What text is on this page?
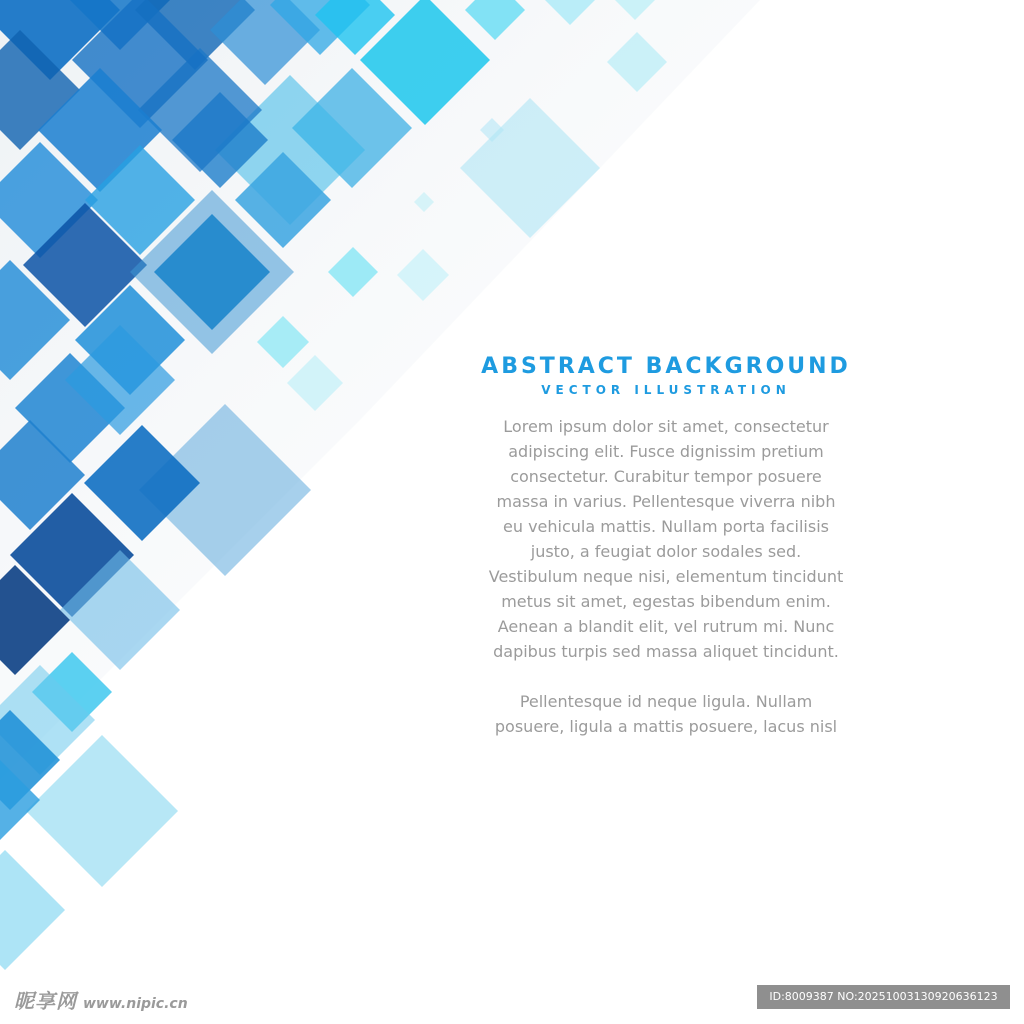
ABSTRACT BACKGROUND
VECTOR ILLUSTRATION

Lorem ipsum dolor sit amet, consectetur
adipiscing elit. Fusce dignissim pretium
consectetur. Curabitur tempor posuere
massa in varius. Pellentesque viverra nibh
eu vehicula mattis. Nullam porta facilisis
justo, a feugiat dolor sodales sed.
Vestibulum neque nisi, elementum tincidunt
metus sit amet, egestas bibendum enim.
Aenean a blandit elit, vel rutrum mi. Nunc
dapibus turpis sed massa aliquet tincidunt.

Pellentesque id neque ligula. Nullam
posuere, ligula a mattis posuere, lacus nisl

昵享网 www.nipic.cn	ID:8009387 NO:20251003130920636123
